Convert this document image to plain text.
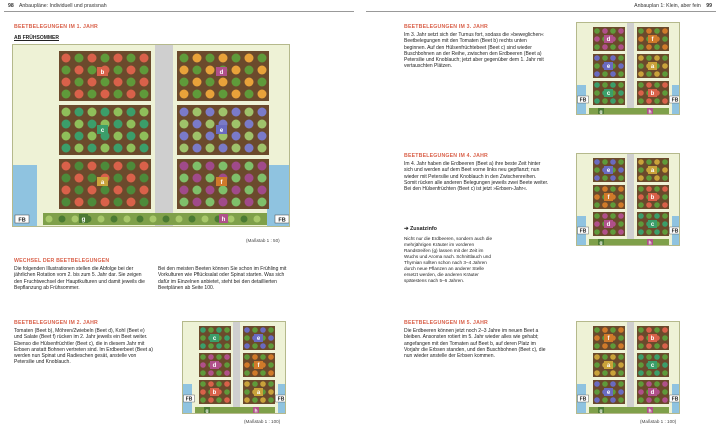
98 Anbaupläne: Individuell und praxisnah	Anbauplan 1: Klein, aber fein 99
BEETBELEGUNGEN IM 1. JAHR
AB FRÜHSOMMER
b
c
a
d
e
f
g	h
FB	FB
(Maßstab 1 : 50)
WECHSEL DER BEETBELEGUNGEN
Die folgenden Illustrationen stellen die Abfolge bei der jährlichen Rotation vom 2. bis zum 5. Jahr dar. Sie zeigen den Fruchtwechsel der Hauptkulturen und damit jeweils die Bepflanzung ab Frühsommer.
Bei den meisten Beeten können Sie schon im Frühling mit Vorkulturen wie Pflücksalat oder Spinat starten. Was sich dafür im Einzelnen anbietet, steht bei den detaillierten Beetplänen ab Seite 100.
BEETBELEGUNGEN IM 2. JAHR
Tomaten (Beet b), Möhren/Zwiebeln (Beet d), Kohl (Beet e) und Salate (Beet f) rücken im 2. Jahr jeweils ein Beet weiter. Ebenso die Hülsenfrüchtler (Beet c), die in diesem Jahr mit Erbsen anstatt Bohnen vertreten sind. Im Erdbeerbeet (Beet a) werden nun Spinat und Radieschen gesät, anstelle von Petersilie und Knoblauch.
c	e
d	f
b	a
g	h
FB	FB
(Maßstab 1 : 100)
BEETBELEGUNGEN IM 3. JAHR
Im 3. Jahr setzt sich der Turnus fort, sodass die »beweglichen« Beetbelegungen mit den Tomaten (Beet b) rechts unten beginnen. Auf den Hülsenfrüchtebeet (Beet c) sind wieder Buschbohnen an der Reihe, zwischen den Erdbeeren (Beet a) Petersilie und Knoblauch; jetzt aber gegenüber dem 1. Jahr mit vertauschten Plätzen.
d	f
e	a
c	b
g	h
FB	FB
BEETBELEGUNGEN IM 4. JAHR
Im 4. Jahr haben die Erdbeeren (Beet a) ihre beste Zeit hinter sich und werden auf dem Beet vorne links neu gepflanzt; nun wieder mit Petersilie und Knoblauch in den Zwischenreihen. Somit rücken alle anderen Belegungen jeweils zwei Beete weiter. Bei den Hülsenfrüchten (Beet c) ist jetzt »Erbsen-Jahr«.
e	a
f	b
d	c
g	h
FB	FB
➔ Zusatzinfo
Nicht nur die Erdbeeren, sondern auch die mehrjährigen Kräuter im vorderen Randstreifen (g) lassen mit der Zeit im Wuchs und Aroma nach. Schnittlauch und Thymian sollten schon nach 3–4 Jahren durch neue Pflanzen an anderer Stelle ersetzt werden, die anderen Kräuter spätestens nach 5–6 Jahren.
BEETBELEGUNGEN IM 5. JAHR
Die Erdbeeren können jetzt noch 2–3 Jahre im neuen Beet a bleiben. Ansonsten rotiert im 5. Jahr wieder alles wie gehabt; angefangen mit den Tomaten auf Beet b, auf deren Platz im Vorjahr die Erbsen standen, und den Buschbohnen (Beet c), die nun wieder anstelle der Erbsen kommen.
f	b
a	c
e	d
g	h
FB	FB
(Maßstab 1 : 100)
